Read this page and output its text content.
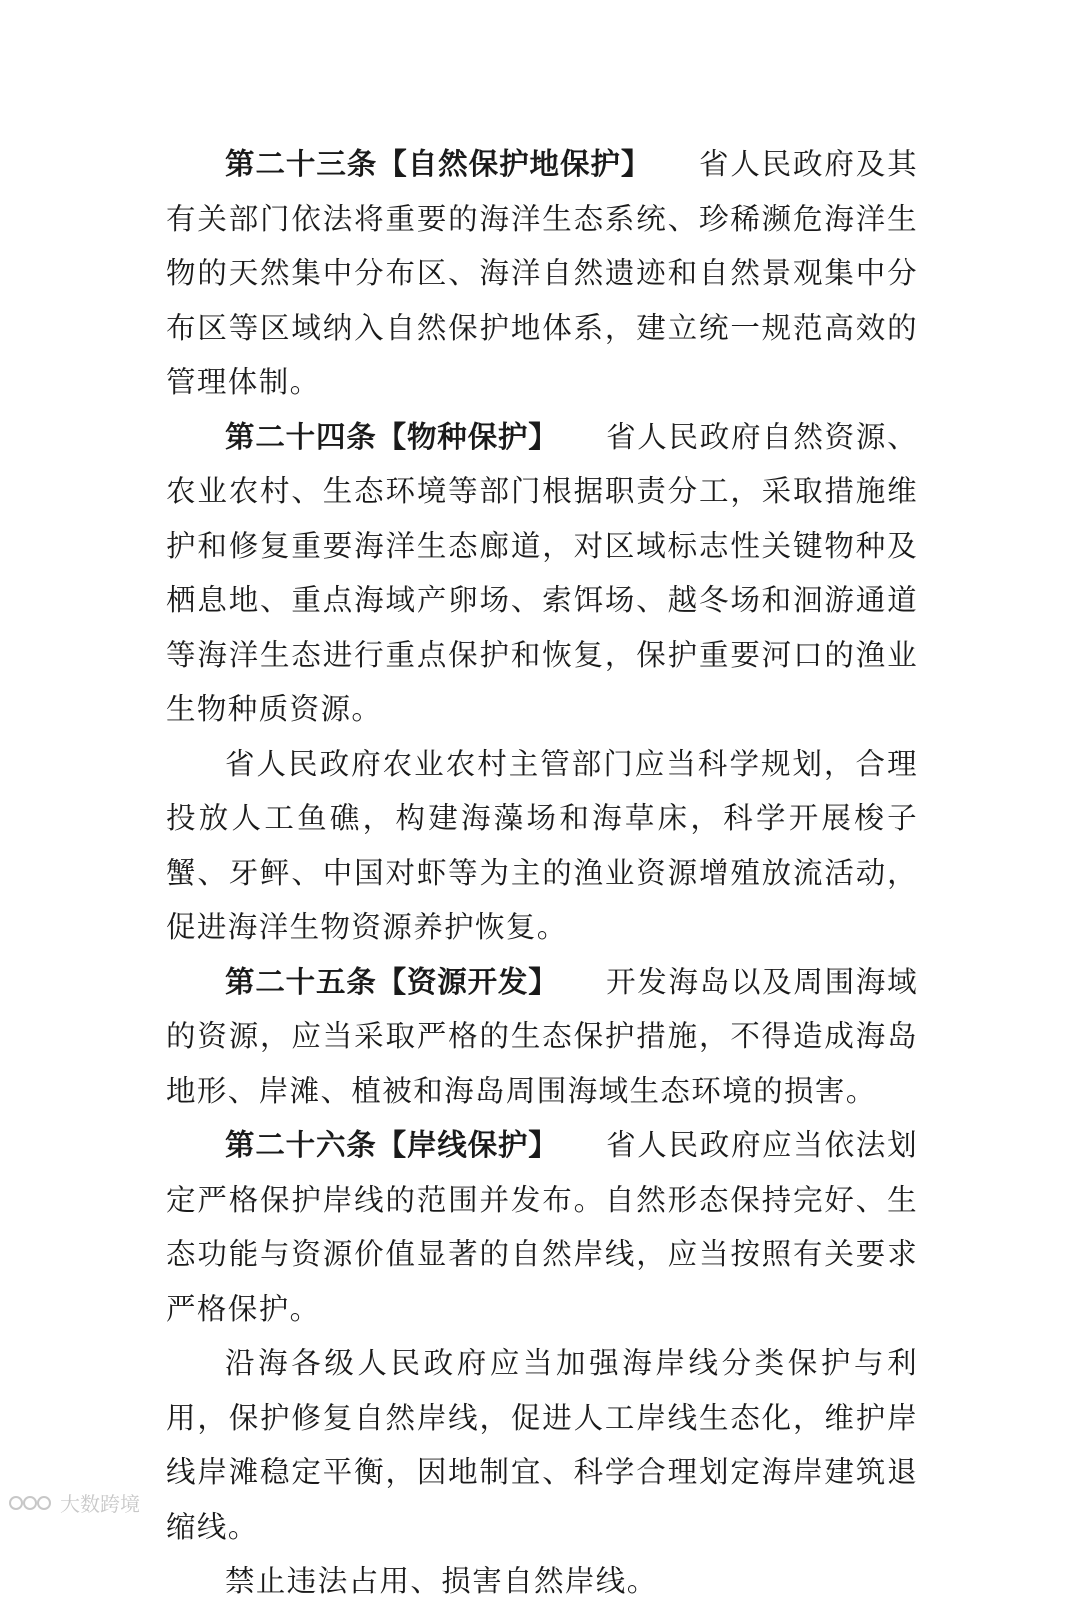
第二十三条【自然保护地保护】 省人民政府及其有关部门依法将重要的海洋生态系统、珍稀濒危海洋生物的天然集中分布区、海洋自然遗迹和自然景观集中分布区等区域纳入自然保护地体系，建立统一规范高效的管理体制。

第二十四条【物种保护】 省人民政府自然资源、农业农村、生态环境等部门根据职责分工，采取措施维护和修复重要海洋生态廊道，对区域标志性关键物种及栖息地、重点海域产卵场、索饵场、越冬场和洄游通道等海洋生态进行重点保护和恢复，保护重要河口的渔业生物种质资源。

省人民政府农业农村主管部门应当科学规划，合理投放人工鱼礁，构建海藻场和海草床，科学开展梭子蟹、牙鲆、中国对虾等为主的渔业资源增殖放流活动，促进海洋生物资源养护恢复。

第二十五条【资源开发】 开发海岛以及周围海域的资源，应当采取严格的生态保护措施，不得造成海岛地形、岸滩、植被和海岛周围海域生态环境的损害。

第二十六条【岸线保护】 省人民政府应当依法划定严格保护岸线的范围并发布。自然形态保持完好、生态功能与资源价值显著的自然岸线，应当按照有关要求严格保护。

沿海各级人民政府应当加强海岸线分类保护与利用，保护修复自然岸线，促进人工岸线生态化，维护岸线岸滩稳定平衡，因地制宜、科学合理划定海岸建筑退缩线。

禁止违法占用、损害自然岸线。

大数跨境
